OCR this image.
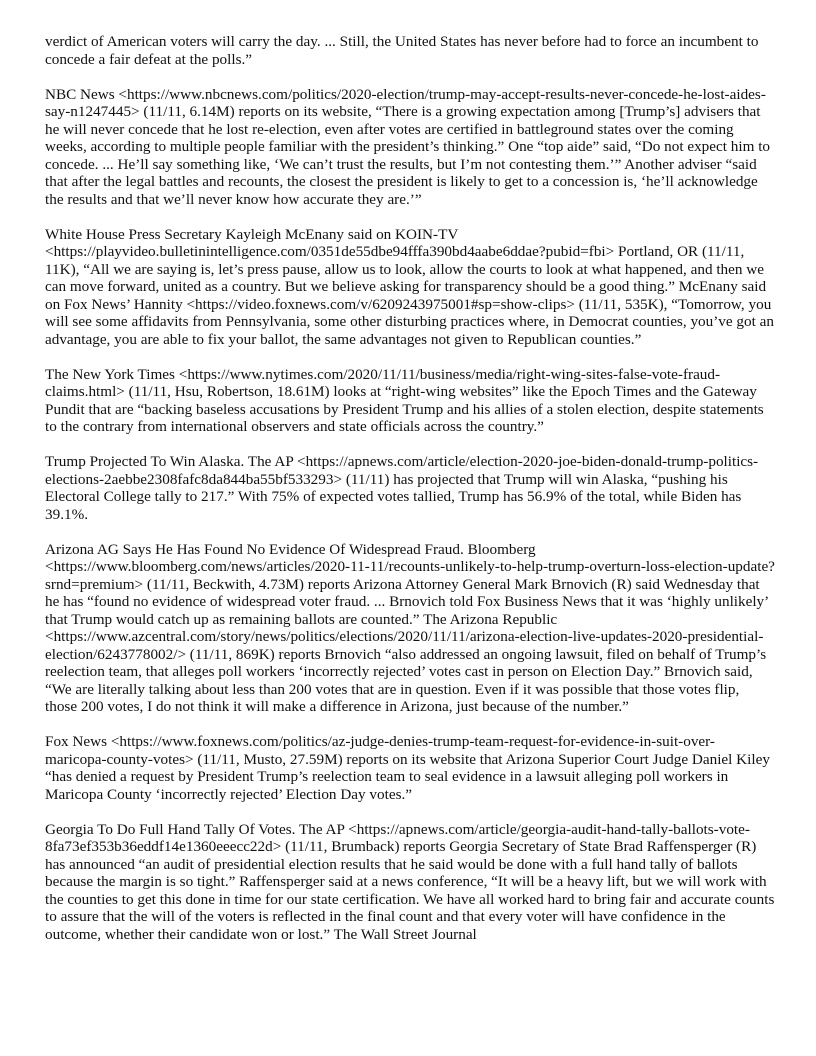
verdict of American voters will carry the day. ... Still, the United States has never before had to force an incumbent to concede a fair defeat at the polls.”

NBC News <https://www.nbcnews.com/politics/2020-election/trump-may-accept-results-never-concede-he-lost-aides-say-n1247445> (11/11, 6.14M) reports on its website, “There is a growing expectation among [Trump’s] advisers that he will never concede that he lost re-election, even after votes are certified in battleground states over the coming weeks, according to multiple people familiar with the president’s thinking.” One “top aide” said, “Do not expect him to concede. ... He’ll say something like, ‘We can’t trust the results, but I’m not contesting them.’” Another adviser “said that after the legal battles and recounts, the closest the president is likely to get to a concession is, ‘he’ll acknowledge the results and that we’ll never know how accurate they are.’”

White House Press Secretary Kayleigh McEnany said on KOIN-TV <https://playvideo.bulletinintelligence.com/0351de55dbe94fffa390bd4aabe6ddae?pubid=fbi> Portland, OR (11/11, 11K), “All we are saying is, let’s press pause, allow us to look, allow the courts to look at what happened, and then we can move forward, united as a country. But we believe asking for transparency should be a good thing.” McEnany said on Fox News’ Hannity <https://video.foxnews.com/v/6209243975001#sp=show-clips> (11/11, 535K), “Tomorrow, you will see some affidavits from Pennsylvania, some other disturbing practices where, in Democrat counties, you’ve got an advantage, you are able to fix your ballot, the same advantages not given to Republican counties.”

The New York Times <https://www.nytimes.com/2020/11/11/business/media/right-wing-sites-false-vote-fraud-claims.html> (11/11, Hsu, Robertson, 18.61M) looks at “right-wing websites” like the Epoch Times and the Gateway Pundit that are “backing baseless accusations by President Trump and his allies of a stolen election, despite statements to the contrary from international observers and state officials across the country.”

Trump Projected To Win Alaska. The AP <https://apnews.com/article/election-2020-joe-biden-donald-trump-politics-elections-2aebbe2308fafc8da844ba55bf533293> (11/11) has projected that Trump will win Alaska, “pushing his Electoral College tally to 217.” With 75% of expected votes tallied, Trump has 56.9% of the total, while Biden has 39.1%.

Arizona AG Says He Has Found No Evidence Of Widespread Fraud. Bloomberg <https://www.bloomberg.com/news/articles/2020-11-11/recounts-unlikely-to-help-trump-overturn-loss-election-update?srnd=premium> (11/11, Beckwith, 4.73M) reports Arizona Attorney General Mark Brnovich (R) said Wednesday that he has “found no evidence of widespread voter fraud. ... Brnovich told Fox Business News that it was ‘highly unlikely’ that Trump would catch up as remaining ballots are counted.” The Arizona Republic <https://www.azcentral.com/story/news/politics/elections/2020/11/11/arizona-election-live-updates-2020-presidential-election/6243778002/> (11/11, 869K) reports Brnovich “also addressed an ongoing lawsuit, filed on behalf of Trump’s reelection team, that alleges poll workers ‘incorrectly rejected’ votes cast in person on Election Day.” Brnovich said, “We are literally talking about less than 200 votes that are in question. Even if it was possible that those votes flip, those 200 votes, I do not think it will make a difference in Arizona, just because of the number.”

Fox News <https://www.foxnews.com/politics/az-judge-denies-trump-team-request-for-evidence-in-suit-over-maricopa-county-votes> (11/11, Musto, 27.59M) reports on its website that Arizona Superior Court Judge Daniel Kiley “has denied a request by President Trump’s reelection team to seal evidence in a lawsuit alleging poll workers in Maricopa County ‘incorrectly rejected’ Election Day votes.”

Georgia To Do Full Hand Tally Of Votes. The AP <https://apnews.com/article/georgia-audit-hand-tally-ballots-vote-8fa73ef353b36eddf14e1360eeecc22d> (11/11, Brumback) reports Georgia Secretary of State Brad Raffensperger (R) has announced “an audit of presidential election results that he said would be done with a full hand tally of ballots because the margin is so tight.” Raffensperger said at a news conference, “It will be a heavy lift, but we will work with the counties to get this done in time for our state certification. We have all worked hard to bring fair and accurate counts to assure that the will of the voters is reflected in the final count and that every voter will have confidence in the outcome, whether their candidate won or lost.” The Wall Street Journal
